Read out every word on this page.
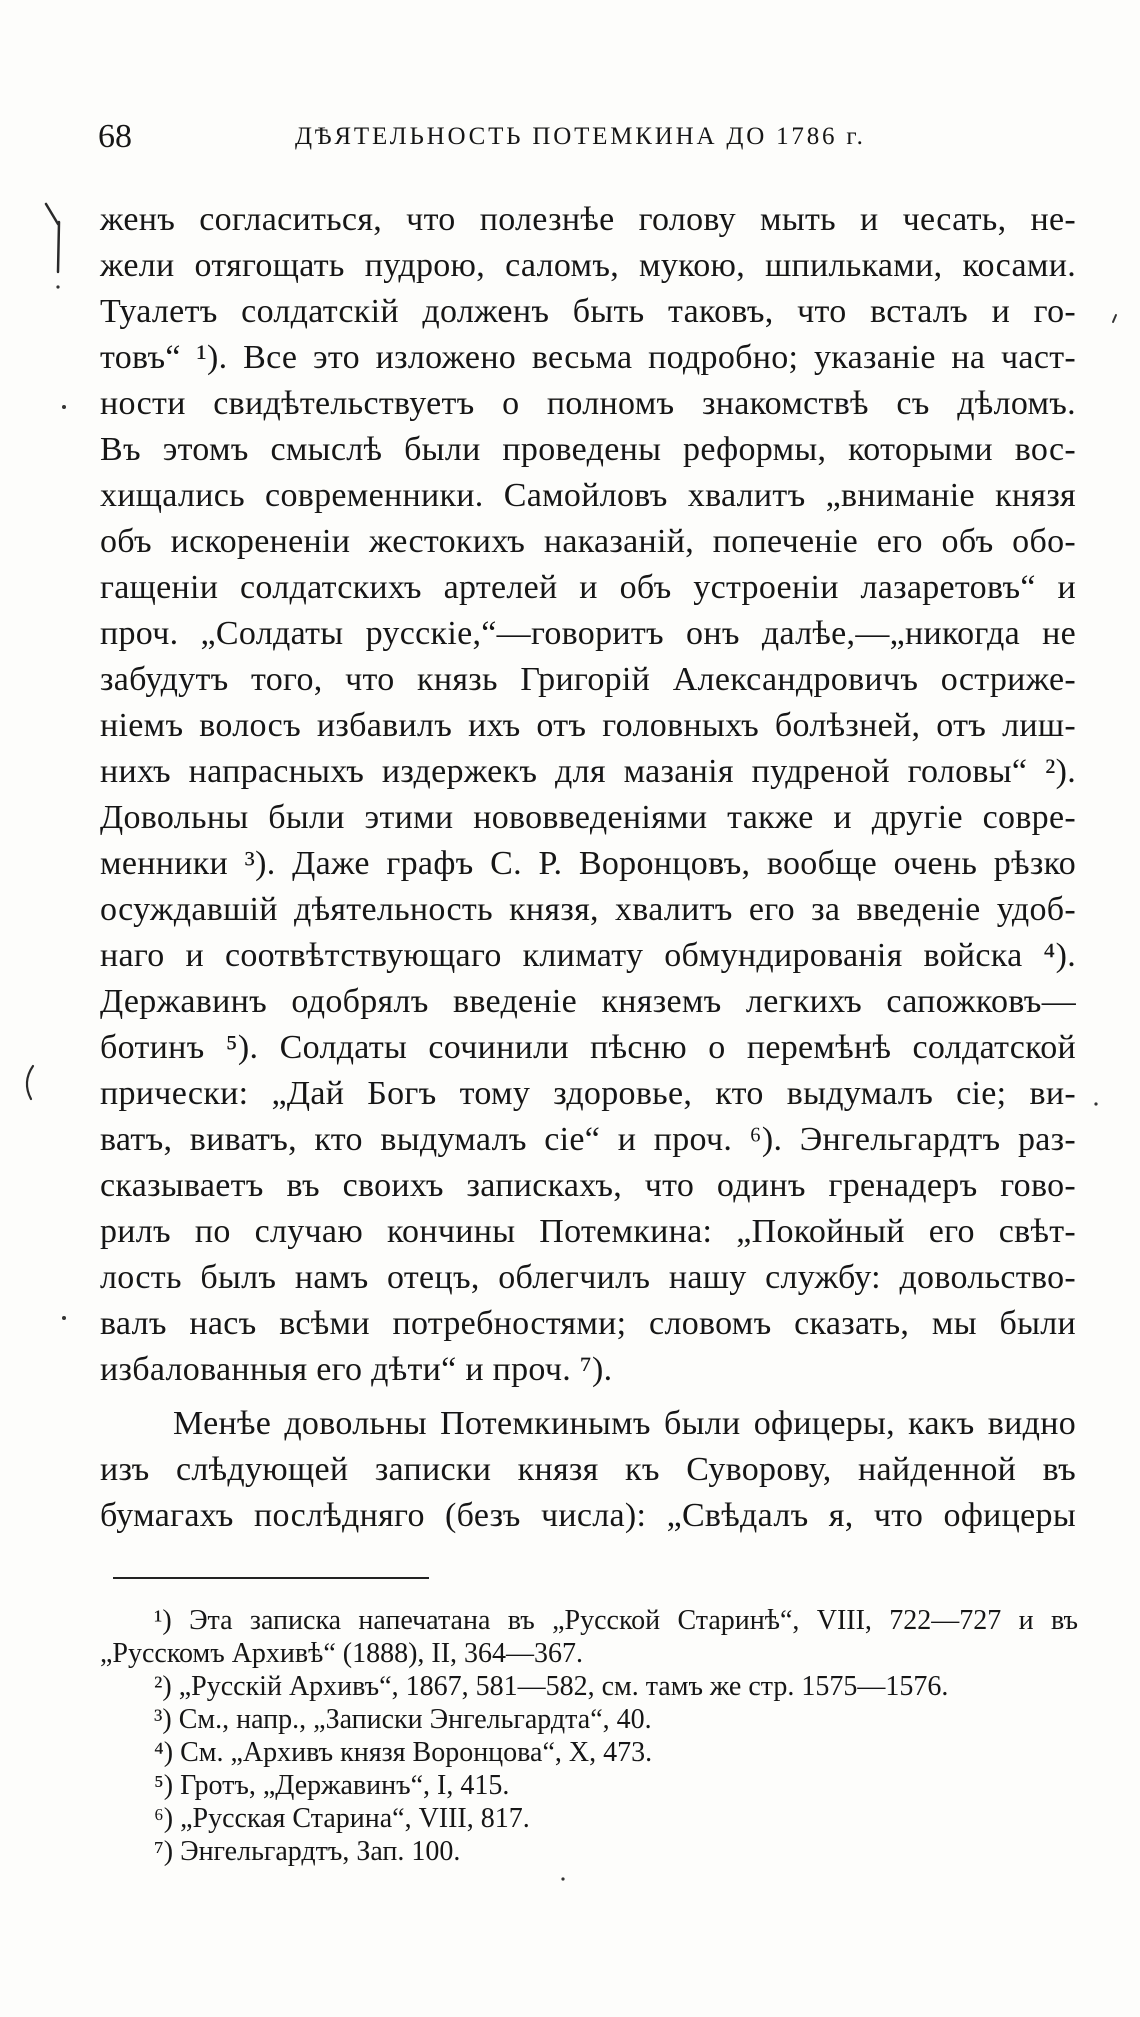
68	ДѢЯТЕЛЬНОСТЬ ПОТЕМКИНА ДО 1786 г.
женъ согласиться, что полезнѣе голову мыть и чесать, не-
жели отягощать пудрою, саломъ, мукою, шпильками, косами.
Туалетъ солдатскій долженъ быть таковъ, что всталъ и го-
товъ“ ¹). Все это изложено весьма подробно; указаніе на част-
ности свидѣтельствуетъ о полномъ знакомствѣ съ дѣломъ.
Въ этомъ смыслѣ были проведены реформы, которыми вос-
хищались современники. Самойловъ хвалитъ „вниманіе князя
объ искорененіи жестокихъ наказаній, попеченіе его объ обо-
гащеніи солдатскихъ артелей и объ устроеніи лазаретовъ“ и
проч. „Солдаты русскіе,“—говоритъ онъ далѣе,—„никогда не
забудутъ того, что князь Григорій Александровичъ остриже-
ніемъ волосъ избавилъ ихъ отъ головныхъ болѣзней, отъ лиш-
нихъ напрасныхъ издержекъ для мазанія пудреной головы“ ²).
Довольны были этими нововведеніями также и другіе совре-
менники ³). Даже графъ С. Р. Воронцовъ, вообще очень рѣзко
осуждавшій дѣятельность князя, хвалитъ его за введеніе удоб-
наго и соотвѣтствующаго климату обмундированія войска ⁴).
Державинъ одобрялъ введеніе княземъ легкихъ сапожковъ—
ботинъ ⁵). Солдаты сочинили пѣсню о перемѣнѣ солдатской
прически: „Дай Богъ тому здоровье, кто выдумалъ сіе; ви-
ватъ, виватъ, кто выдумалъ сіе“ и проч. ⁶). Энгельгардтъ раз-
сказываетъ въ своихъ запискахъ, что одинъ гренадеръ гово-
рилъ по случаю кончины Потемкина: „Покойный его свѣт-
лость былъ намъ отецъ, облегчилъ нашу службу: довольство-
валъ насъ всѣми потребностями; словомъ сказать, мы были
избалованныя его дѣти“ и проч. ⁷).
Менѣе довольны Потемкинымъ были офицеры, какъ видно
изъ слѣдующей записки князя къ Суворову, найденной въ
бумагахъ послѣдняго (безъ числа): „Свѣдалъ я, что офицеры
¹) Эта записка напечатана въ „Русской Старинѣ“, VIII, 722—727 и въ
„Русскомъ Архивѣ“ (1888), II, 364—367.
²) „Русскій Архивъ“, 1867, 581—582, см. тамъ же стр. 1575—1576.
³) См., напр., „Записки Энгельгардта“, 40.
⁴) См. „Архивъ князя Воронцова“, X, 473.
⁵) Гротъ, „Державинъ“, I, 415.
⁶) „Русская Старина“, VIII, 817.
⁷) Энгельгардтъ, Зап. 100.
